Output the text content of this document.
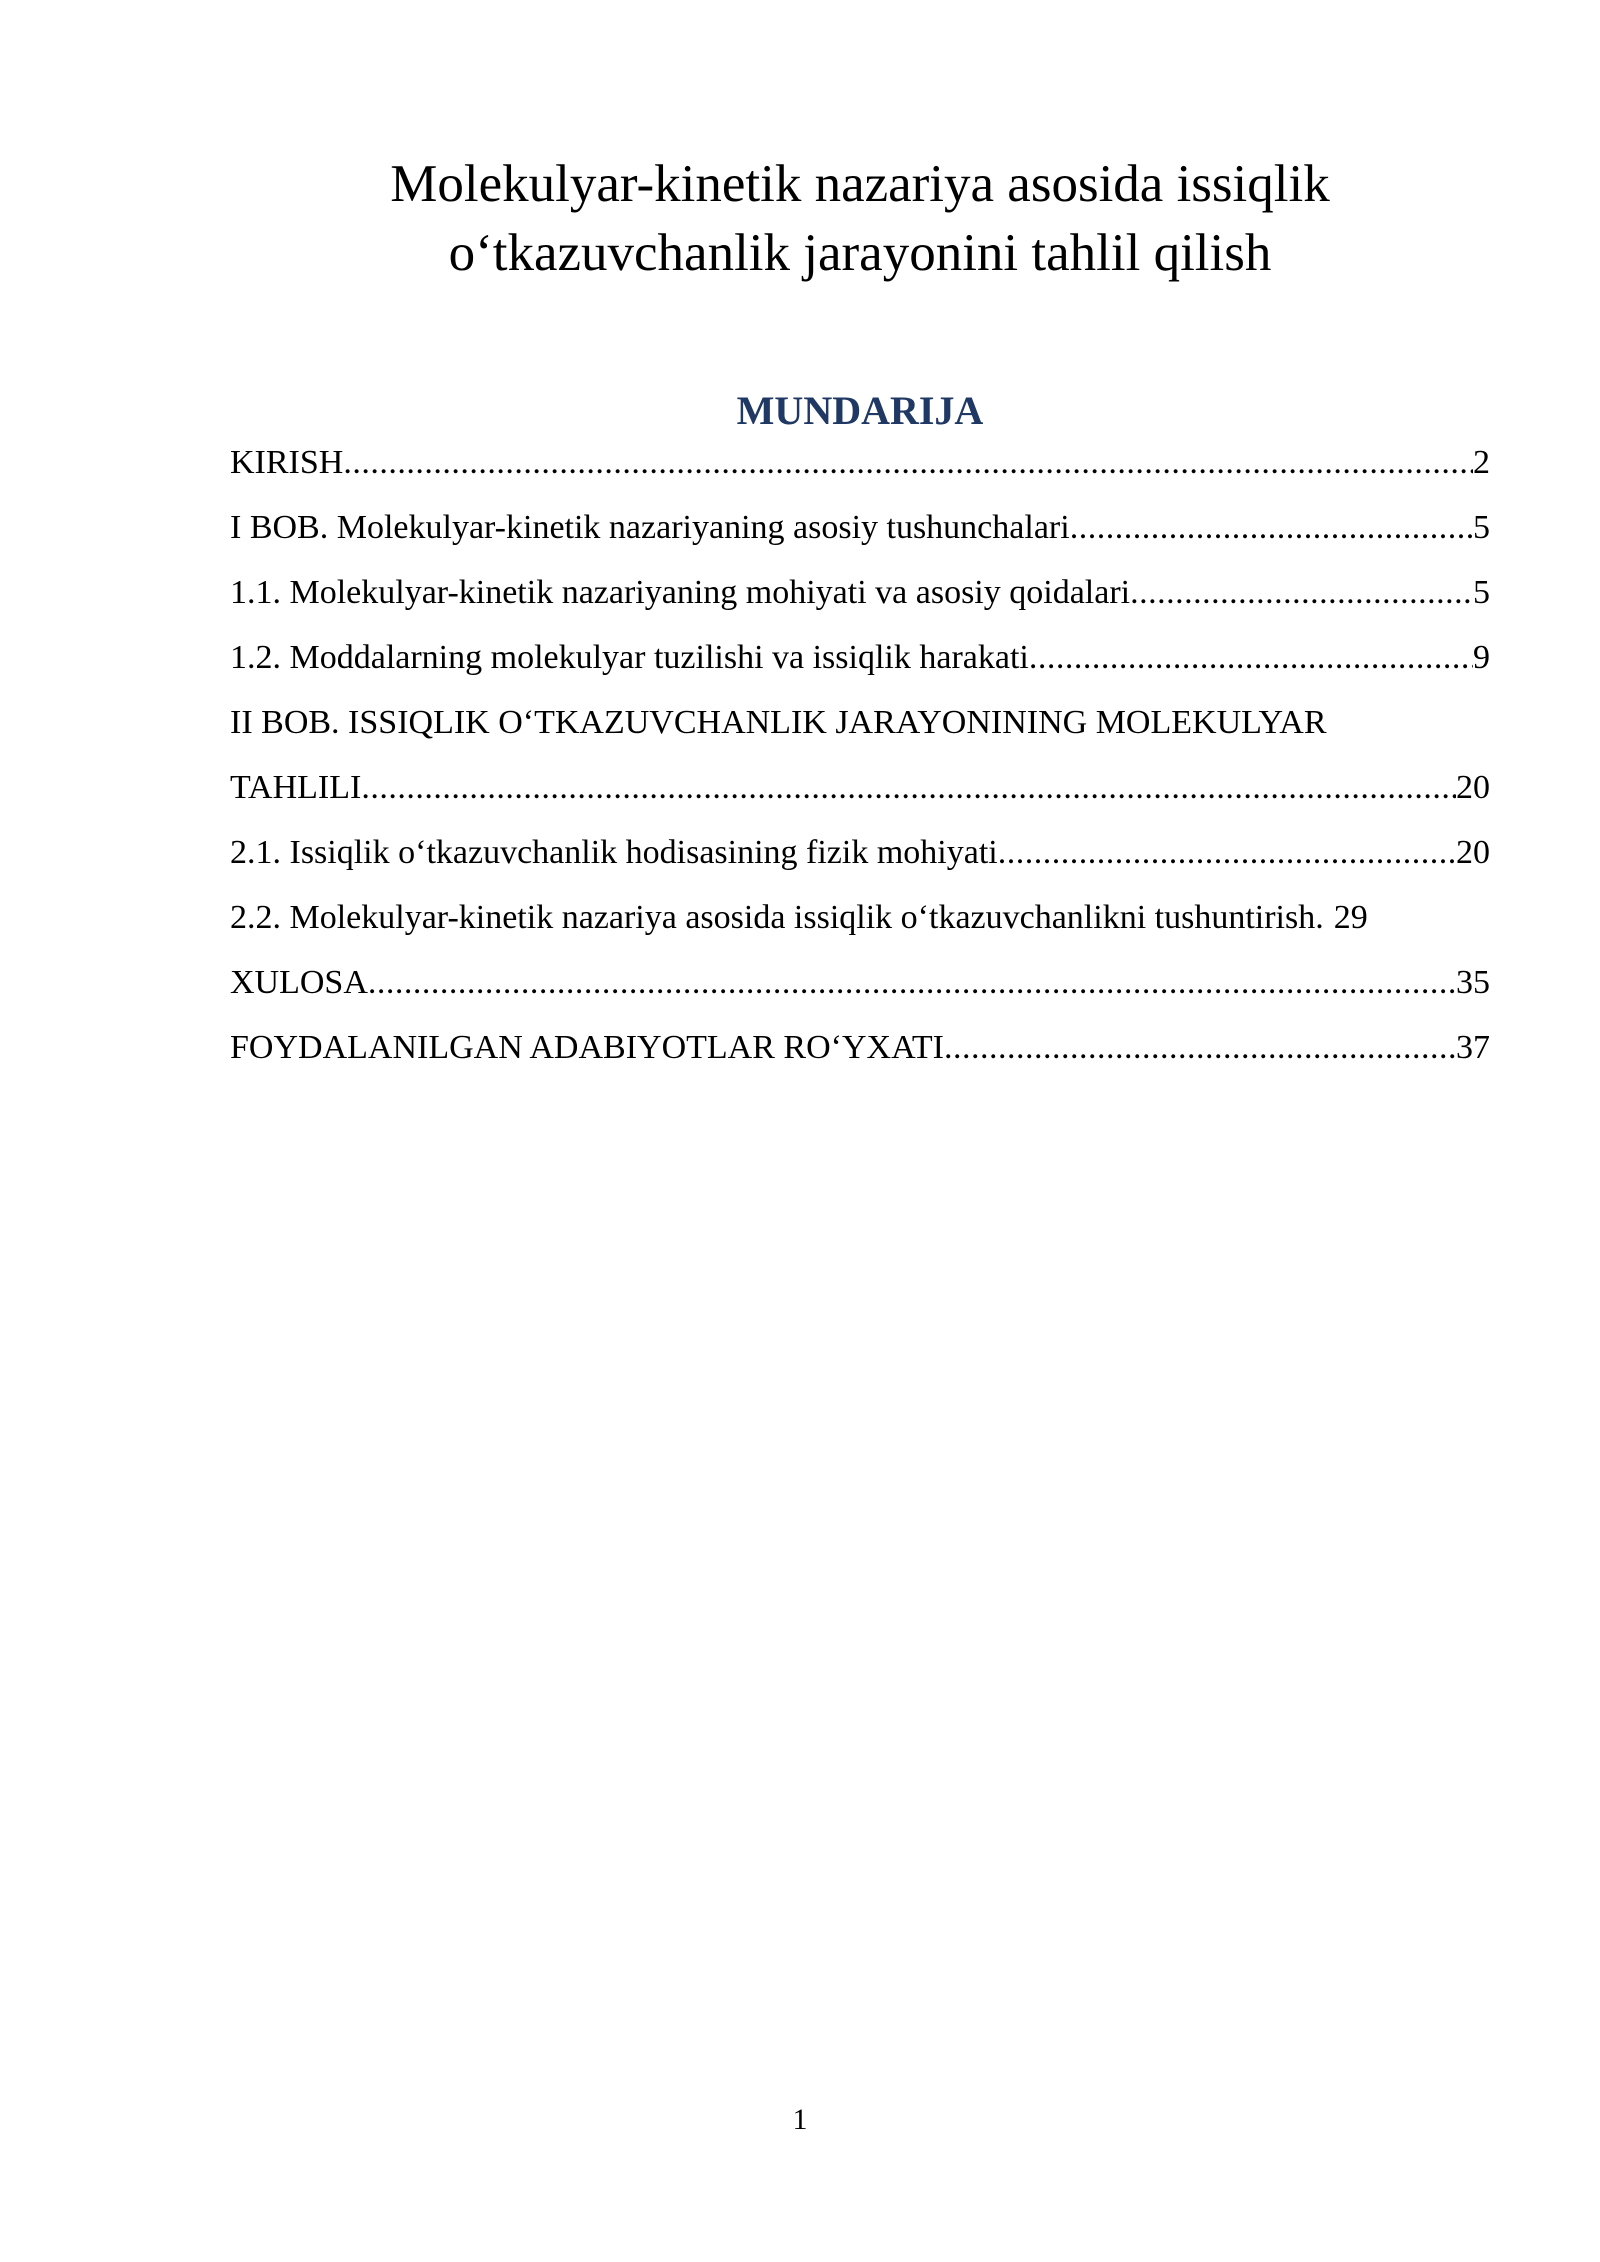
Molekulyar-kinetik nazariya asosida issiqlik
o‘tkazuvchanlik jarayonini tahlil qilish
MUNDARIJA
KIRISH .....	2
I BOB. Molekulyar-kinetik nazariyaning asosiy tushunchalari .....	5
1.1. Molekulyar-kinetik nazariyaning mohiyati va asosiy qoidalari .....	5
1.2. Moddalarning molekulyar tuzilishi va issiqlik harakati .....	9
II BOB. ISSIQLIK O‘TKAZUVCHANLIK JARAYONINING MOLEKULYAR
TAHLILI .....	20
2.1. Issiqlik o‘tkazuvchanlik hodisasining fizik mohiyati .....	20
2.2. Molekulyar-kinetik nazariya asosida issiqlik o‘tkazuvchanlikni tushuntirish. 29
XULOSA .....	35
FOYDALANILGAN ADABIYOTLAR RO‘YXATI .....	37
1
